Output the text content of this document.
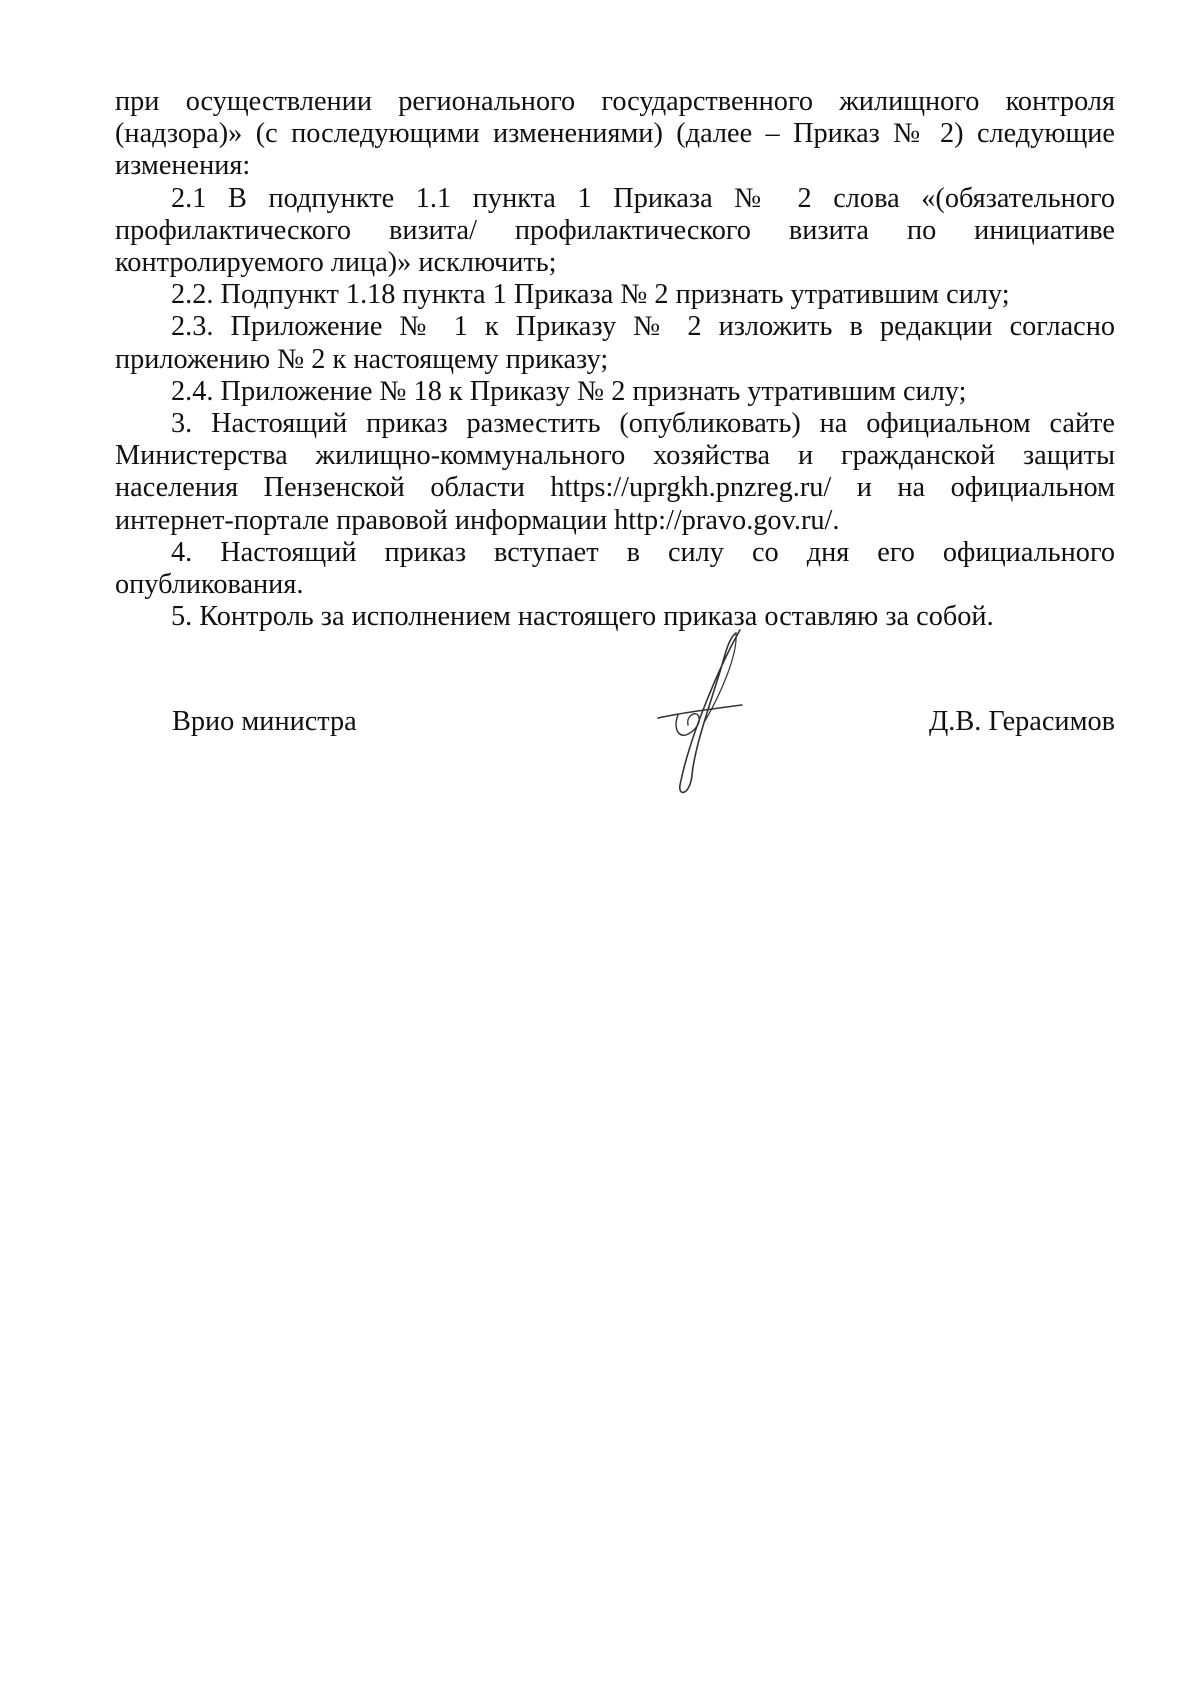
при осуществлении регионального государственного жилищного контроля (надзора)» (с последующими изменениями) (далее – Приказ № 2) следующие изменения:

2.1 В подпункте 1.1 пункта 1 Приказа № 2 слова «(обязательного профилактического визита/ профилактического визита по инициативе контролируемого лица)» исключить;

2.2. Подпункт 1.18 пункта 1 Приказа № 2 признать утратившим силу;

2.3. Приложение № 1 к Приказу № 2 изложить в редакции согласно приложению № 2 к настоящему приказу;

2.4. Приложение № 18 к Приказу № 2 признать утратившим силу;

3. Настоящий приказ разместить (опубликовать) на официальном сайте Министерства жилищно-коммунального хозяйства и гражданской защиты населения Пензенской области https://uprgkh.pnzreg.ru/ и на официальном интернет-портале правовой информации http://pravo.gov.ru/.

4. Настоящий приказ вступает в силу со дня его официального опубликования.

5. Контроль за исполнением настоящего приказа оставляю за собой.

Врио министра	Д.В. Герасимов
